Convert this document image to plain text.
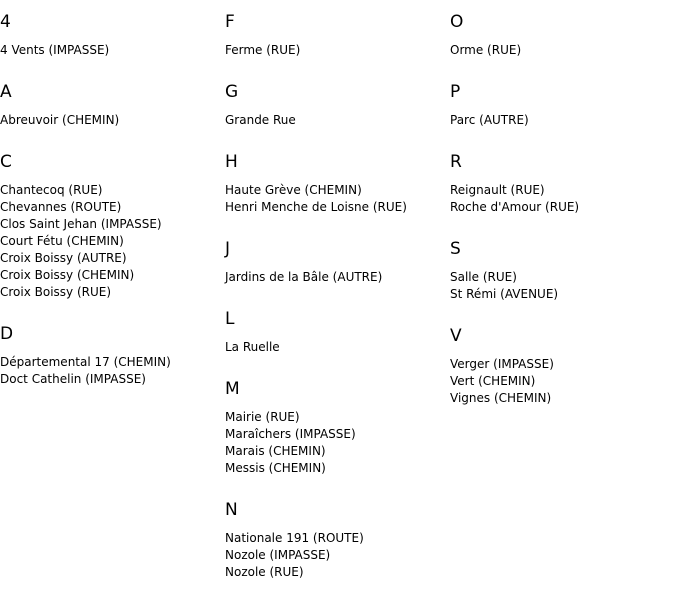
4
4 Vents (IMPASSE)
A
Abreuvoir (CHEMIN)
C
Chantecoq (RUE)
Chevannes (ROUTE)
Clos Saint Jehan (IMPASSE)
Court Fétu (CHEMIN)
Croix Boissy (AUTRE)
Croix Boissy (CHEMIN)
Croix Boissy (RUE)
D
Départemental 17 (CHEMIN)
Doct Cathelin (IMPASSE)
F
Ferme (RUE)
G
Grande Rue
H
Haute Grève (CHEMIN)
Henri Menche de Loisne (RUE)
J
Jardins de la Bâle (AUTRE)
L
La Ruelle
M
Mairie (RUE)
Maraîchers (IMPASSE)
Marais (CHEMIN)
Messis (CHEMIN)
N
Nationale 191 (ROUTE)
Nozole (IMPASSE)
Nozole (RUE)
O
Orme (RUE)
P
Parc (AUTRE)
R
Reignault (RUE)
Roche d'Amour (RUE)
S
Salle (RUE)
St Rémi (AVENUE)
V
Verger (IMPASSE)
Vert (CHEMIN)
Vignes (CHEMIN)
